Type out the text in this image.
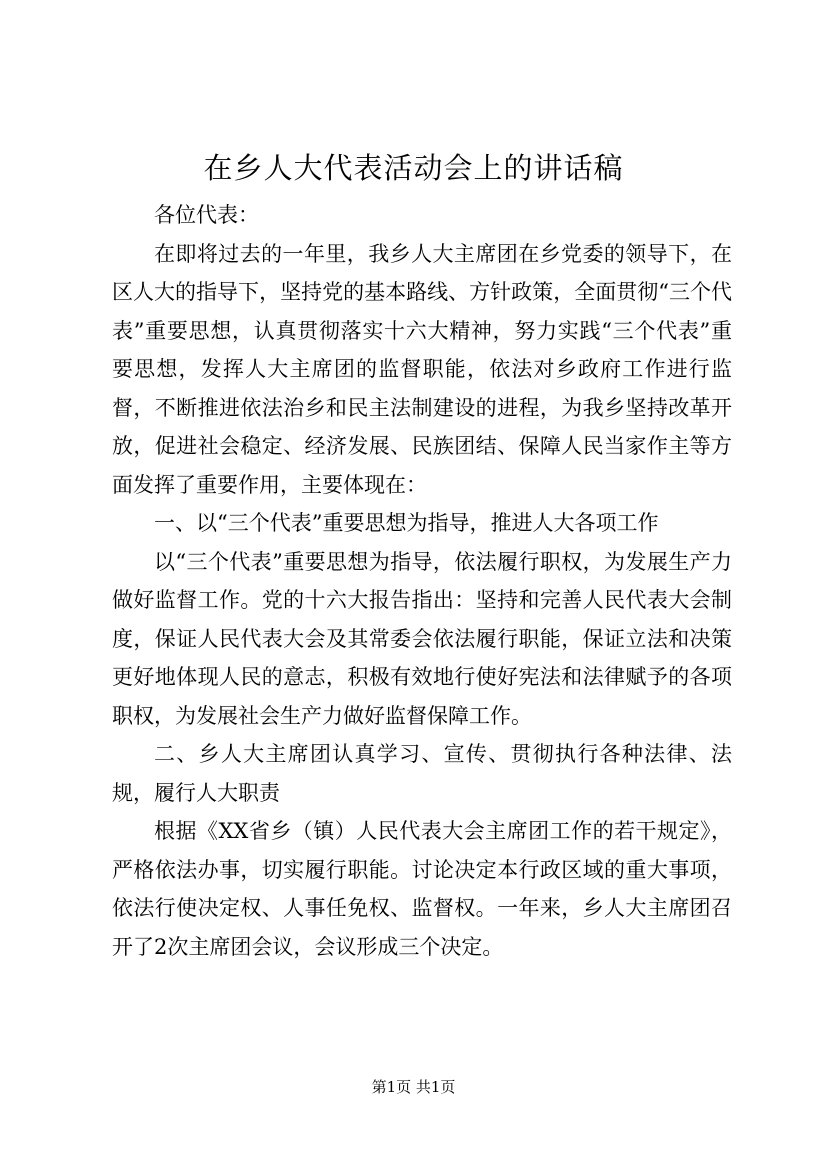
在乡人大代表活动会上的讲话稿

各位代表：

在即将过去的一年里，我乡人大主席团在乡党委的领导下，在区人大的指导下，坚持党的基本路线、方针政策，全面贯彻“三个代表”重要思想，认真贯彻落实十六大精神，努力实践“三个代表”重要思想，发挥人大主席团的监督职能，依法对乡政府工作进行监督，不断推进依法治乡和民主法制建设的进程，为我乡坚持改革开放，促进社会稳定、经济发展、民族团结、保障人民当家作主等方面发挥了重要作用，主要体现在：

一、以“三个代表”重要思想为指导，推进人大各项工作

以“三个代表”重要思想为指导，依法履行职权，为发展生产力做好监督工作。党的十六大报告指出：坚持和完善人民代表大会制度，保证人民代表大会及其常委会依法履行职能，保证立法和决策更好地体现人民的意志，积极有效地行使好宪法和法律赋予的各项职权，为发展社会生产力做好监督保障工作。

二、乡人大主席团认真学习、宣传、贯彻执行各种法律、法规，履行人大职责

根据《XX省乡（镇）人民代表大会主席团工作的若干规定》，严格依法办事，切实履行职能。讨论决定本行政区域的重大事项，依法行使决定权、人事任免权、监督权。一年来，乡人大主席团召开了2次主席团会议，会议形成三个决定。

第1页 共1页
